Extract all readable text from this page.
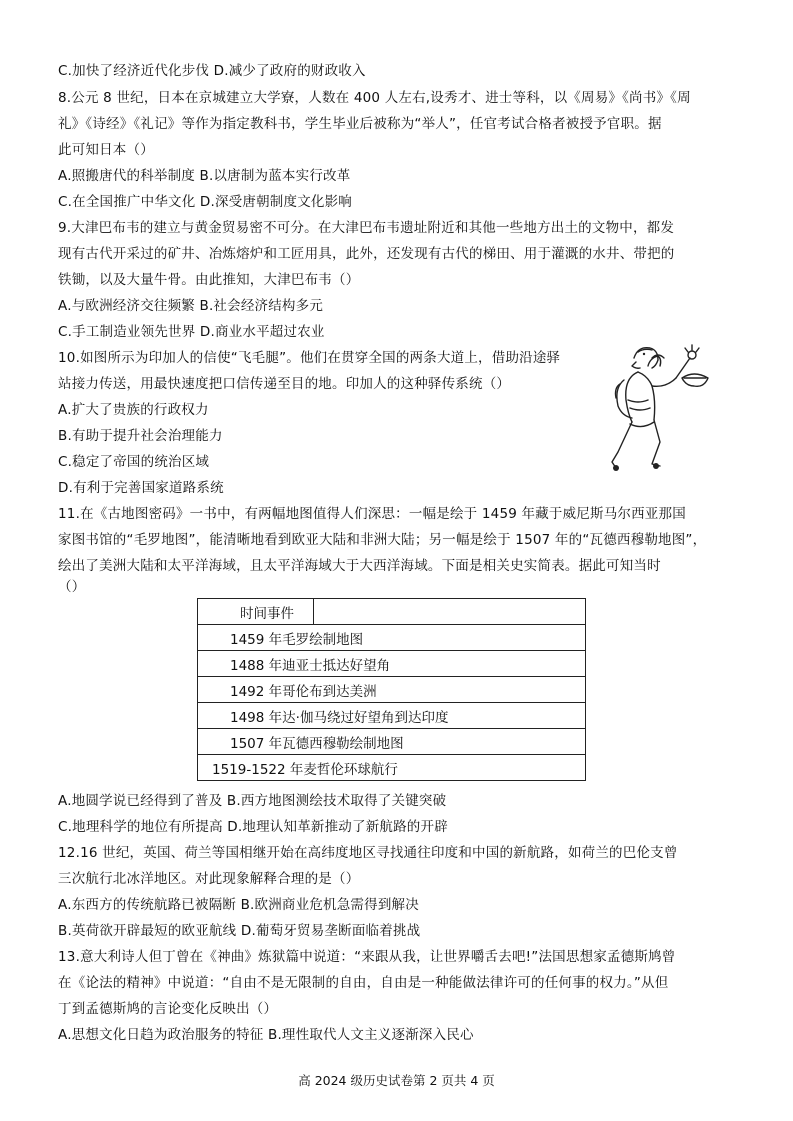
C.加快了经济近代化步伐 D.减少了政府的财政收入
8.公元 8 世纪，日本在京城建立大学寮，人数在 400 人左右,设秀才、进士等科，以《周易》《尚书》《周
礼》《诗经》《礼记》等作为指定教科书，学生毕业后被称为“举人”，任官考试合格者被授予官职。据
此可知日本（）
A.照搬唐代的科举制度 B.以唐制为蓝本实行改革
C.在全国推广中华文化 D.深受唐朝制度文化影响
9.大津巴布韦的建立与黄金贸易密不可分。在大津巴布韦遗址附近和其他一些地方出土的文物中，都发
现有古代开采过的矿井、冶炼熔炉和工匠用具，此外，还发现有古代的梯田、用于灌溉的水井、带把的
铁锄，以及大量牛骨。由此推知，大津巴布韦（）
A.与欧洲经济交往频繁 B.社会经济结构多元
C.手工制造业领先世界 D.商业水平超过农业
10.如图所示为印加人的信使“飞毛腿”。他们在贯穿全国的两条大道上，借助沿途驿
站接力传送，用最快速度把口信传递至目的地。印加人的这种驿传系统（）
A.扩大了贵族的行政权力
B.有助于提升社会治理能力
C.稳定了帝国的统治区域
D.有利于完善国家道路系统
11.在《古地图密码》一书中，有两幅地图值得人们深思：一幅是绘于 1459 年藏于威尼斯马尔西亚那国
家图书馆的“毛罗地图”，能清晰地看到欧亚大陆和非洲大陆；另一幅是绘于 1507 年的“瓦德西穆勒地图”，
绘出了美洲大陆和太平洋海域，且太平洋海域大于大西洋海域。下面是相关史实简表。据此可知当时
（）
时间事件	
1459 年毛罗绘制地图
1488 年迪亚士抵达好望角
1492 年哥伦布到达美洲
1498 年达·伽马绕过好望角到达印度
1507 年瓦德西穆勒绘制地图
1519-1522 年麦哲伦环球航行
A.地圆学说已经得到了普及 B.西方地图测绘技术取得了关键突破
C.地理科学的地位有所提高 D.地理认知革新推动了新航路的开辟
12.16 世纪，英国、荷兰等国相继开始在高纬度地区寻找通往印度和中国的新航路，如荷兰的巴伦支曾
三次航行北冰洋地区。对此现象解释合理的是（）
A.东西方的传统航路已被隔断 B.欧洲商业危机急需得到解决
B.英荷欲开辟最短的欧亚航线 D.葡萄牙贸易垄断面临着挑战
13.意大利诗人但丁曾在《神曲》炼狱篇中说道：“来跟从我，让世界嚼舌去吧!”法国思想家孟德斯鸠曾
在《论法的精神》中说道：“自由不是无限制的自由，自由是一种能做法律许可的任何事的权力。”从但
丁到孟德斯鸠的言论变化反映出（）
A.思想文化日趋为政治服务的特征 B.理性取代人文主义逐渐深入民心
高 2024 级历史试卷第 2 页共 4 页
